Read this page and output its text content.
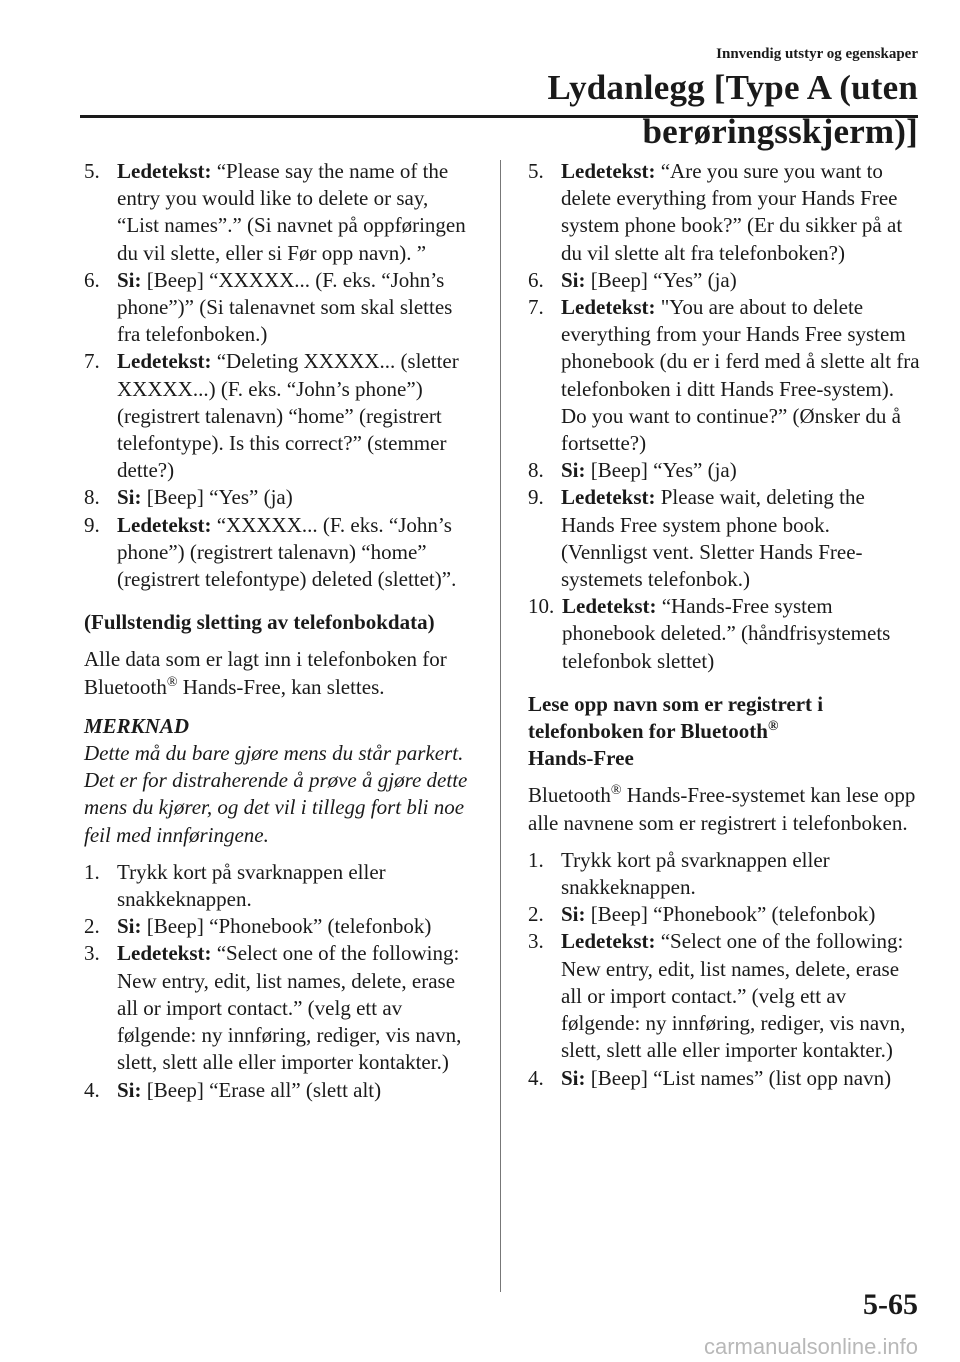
Innvendig utstyr og egenskaper
Lydanlegg [Type A (uten berøringsskjerm)]
5. Ledetekst: “Please say the name of the entry you would like to delete or say, “List names”.” (Si navnet på oppføringen du vil slette, eller si Før opp navn). ”
6. Si: [Beep] “XXXXX... (F. eks. “John’s phone”)” (Si talenavnet som skal slettes fra telefonboken.)
7. Ledetekst: “Deleting XXXXX... (sletter XXXXX...) (F. eks. “John’s phone”) (registrert talenavn) “home” (registrert telefontype). Is this correct?” (stemmer dette?)
8. Si: [Beep] “Yes” (ja)
9. Ledetekst: “XXXXX... (F. eks. “John’s phone”) (registrert talenavn) “home” (registrert telefontype) deleted (slettet)”.
(Fullstendig sletting av telefonbokdata)
Alle data som er lagt inn i telefonboken for Bluetooth® Hands-Free, kan slettes.
MERKNAD
Dette må du bare gjøre mens du står parkert. Det er for distraherende å prøve å gjøre dette mens du kjører, og det vil i tillegg fort bli noe feil med innføringene.
1. Trykk kort på svarknappen eller snakkeknappen.
2. Si: [Beep] “Phonebook” (telefonbok)
3. Ledetekst: “Select one of the following: New entry, edit, list names, delete, erase all or import contact.” (velg ett av følgende: ny innføring, rediger, vis navn, slett, slett alle eller importer kontakter.)
4. Si: [Beep] “Erase all” (slett alt)
5. Ledetekst: “Are you sure you want to delete everything from your Hands Free system phone book?” (Er du sikker på at du vil slette alt fra telefonboken?)
6. Si: [Beep] “Yes” (ja)
7. Ledetekst: "You are about to delete everything from your Hands Free system phonebook (du er i ferd med å slette alt fra telefonboken i ditt Hands Free-system). Do you want to continue?” (Ønsker du å fortsette?)
8. Si: [Beep] “Yes” (ja)
9. Ledetekst: Please wait, deleting the Hands Free system phone book. (Vennligst vent. Sletter Hands Free-systemets telefonbok.)
10. Ledetekst: “Hands-Free system phonebook deleted.” (håndfrisystemets telefonbok slettet)
Lese opp navn som er registrert i telefonboken for Bluetooth®
Hands-Free
Bluetooth® Hands-Free-systemet kan lese opp alle navnene som er registrert i telefonboken.
1. Trykk kort på svarknappen eller snakkeknappen.
2. Si: [Beep] “Phonebook” (telefonbok)
3. Ledetekst: “Select one of the following: New entry, edit, list names, delete, erase all or import contact.” (velg ett av følgende: ny innføring, rediger, vis navn, slett, slett alle eller importer kontakter.)
4. Si: [Beep] “List names” (list opp navn)
5-65
carmanualsonline.info
